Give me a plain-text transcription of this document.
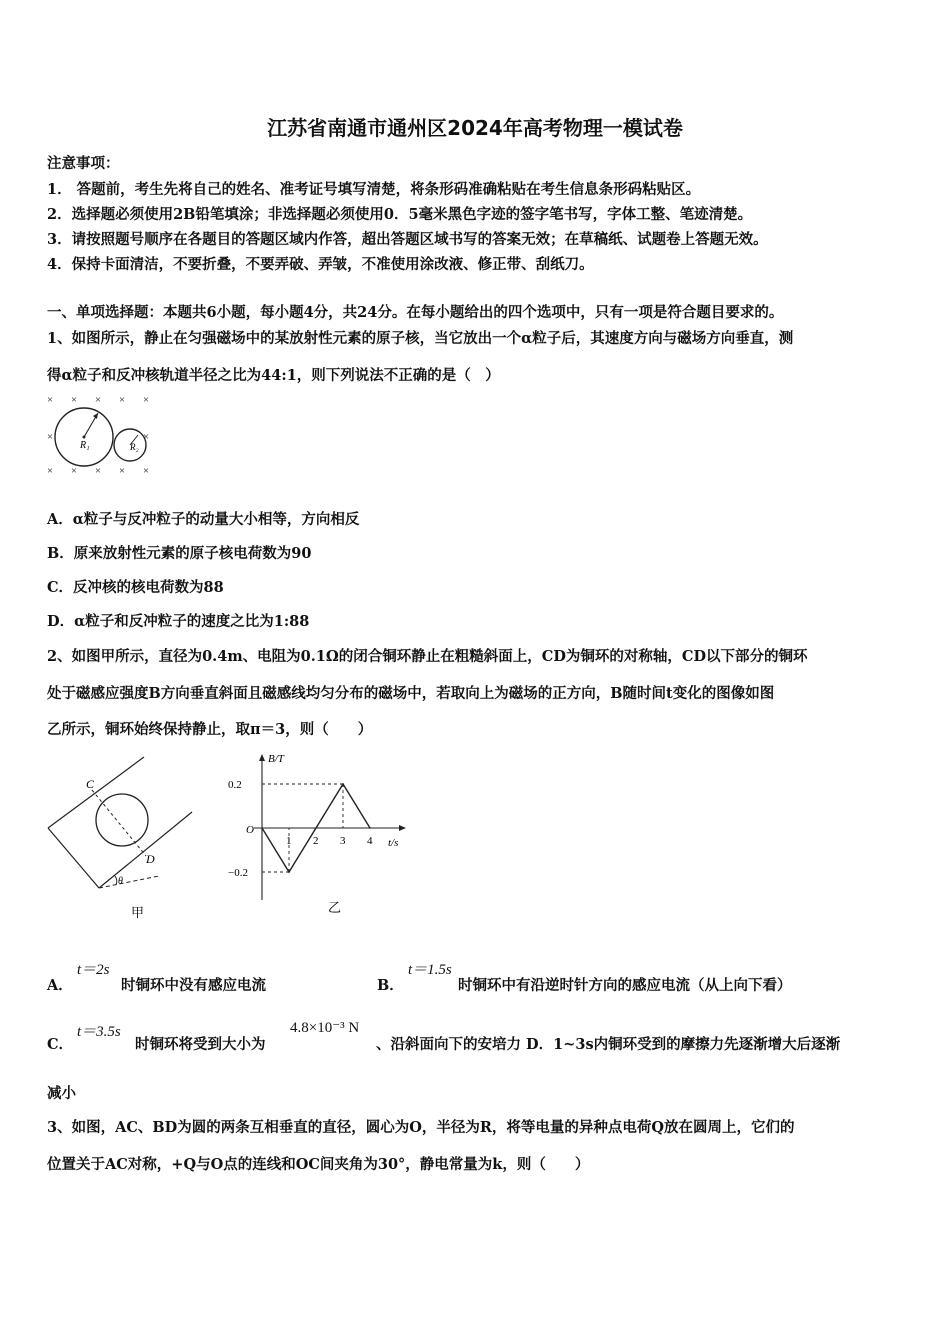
江苏省南通市通州区2024年高考物理一模试卷
注意事项：
1． 答题前，考生先将自己的姓名、准考证号填写清楚，将条形码准确粘贴在考生信息条形码粘贴区。
2．选择题必须使用2B铅笔填涂；非选择题必须使用0．5毫米黑色字迹的签字笔书写，字体工整、笔迹清楚。
3．请按照题号顺序在各题目的答题区域内作答，超出答题区域书写的答案无效；在草稿纸、试题卷上答题无效。
4．保持卡面清洁，不要折叠，不要弄破、弄皱，不准使用涂改液、修正带、刮纸刀。
一、单项选择题：本题共6小题，每小题4分，共24分。在每小题给出的四个选项中，只有一项是符合题目要求的。
1、如图所示，静止在匀强磁场中的某放射性元素的原子核，当它放出一个α粒子后，其速度方向与磁场方向垂直，测
得α粒子和反冲核轨道半径之比为44:1，则下列说法不正确的是（　）
× × × × ×
×	×
× × × × ×
R₁	R₂
A．α粒子与反冲粒子的动量大小相等，方向相反
B．原来放射性元素的原子核电荷数为90
C．反冲核的核电荷数为88
D．α粒子和反冲粒子的速度之比为1:88
2、如图甲所示，直径为0.4m、电阻为0.1Ω的闭合铜环静止在粗糙斜面上，CD为铜环的对称轴，CD以下部分的铜环
处于磁感应强度B方向垂直斜面且磁感线均匀分布的磁场中，若取向上为磁场的正方向，B随时间t变化的图像如图
乙所示，铜环始终保持静止，取π＝3，则（　　）
C
D
θ
甲
B/T
t/s
O
0.2
−0.2
1 2 3 4
乙
A．
t＝2s
时铜环中没有感应电流	B．
t＝1.5s
时铜环中有沿逆时针方向的感应电流（从上向下看）
C．
t＝3.5s
时铜环将受到大小为
4.8×10⁻³ N
、沿斜面向下的安培力 D．1~3s内铜环受到的摩擦力先逐渐增大后逐渐
减小
3、如图，AC、BD为圆的两条互相垂直的直径，圆心为O，半径为R，将等电量的异种点电荷Q放在圆周上，它们的
位置关于AC对称，+Q与O点的连线和OC间夹角为30°，静电常量为k，则（　　）
